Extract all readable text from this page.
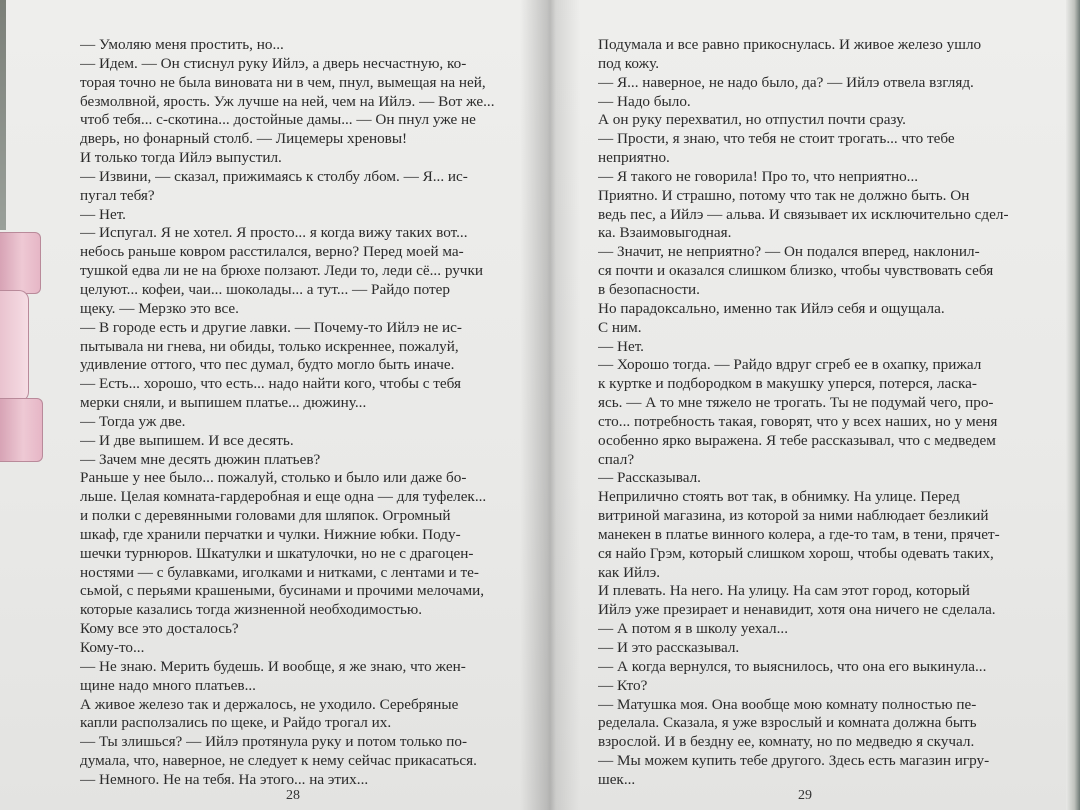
— Умоляю меня простить, но...
— Идем. — Он стиснул руку Ийлэ, а дверь несчастную, ко-
торая точно не была виновата ни в чем, пнул, вымещая на ней,
безмолвной, ярость. Уж лучше на ней, чем на Ийлэ. — Вот же...
чтоб тебя... с-скотина... достойные дамы... — Он пнул уже не
дверь, но фонарный столб. — Лицемеры хреновы!
И только тогда Ийлэ выпустил.
— Извини, — сказал, прижимаясь к столбу лбом. — Я... ис-
пугал тебя?
— Нет.
— Испугал. Я не хотел. Я просто... я когда вижу таких вот...
небось раньше ковром расстилался, верно? Перед моей ма-
тушкой едва ли не на брюхе ползают. Леди то, леди сё... ручки
целуют... кофеи, чаи... шоколады... а тут... — Райдо потер
щеку. — Мерзко это все.
— В городе есть и другие лавки. — Почему-то Ийлэ не ис-
пытывала ни гнева, ни обиды, только искреннее, пожалуй,
удивление оттого, что пес думал, будто могло быть иначе.
— Есть... хорошо, что есть... надо найти кого, чтобы с тебя
мерки сняли, и выпишем платье... дюжину...
— Тогда уж две.
— И две выпишем. И все десять.
— Зачем мне десять дюжин платьев?
Раньше у нее было... пожалуй, столько и было или даже бо-
льше. Целая комната-гардеробная и еще одна — для туфелек...
и полки с деревянными головами для шляпок. Огромный
шкаф, где хранили перчатки и чулки. Нижние юбки. Поду-
шечки турнюров. Шкатулки и шкатулочки, но не с драгоцен-
ностями — с булавками, иголками и нитками, с лентами и те-
сьмой, с перьями крашеными, бусинами и прочими мелочами,
которые казались тогда жизненной необходимостью.
Кому все это досталось?
Кому-то...
— Не знаю. Мерить будешь. И вообще, я же знаю, что жен-
щине надо много платьев...
А живое железо так и держалось, не уходило. Серебряные
капли расползались по щеке, и Райдо трогал их.
— Ты злишься? — Ийлэ протянула руку и потом только по-
думала, что, наверное, не следует к нему сейчас прикасаться.
— Немного. Не на тебя. На этого... на этих...
28
Подумала и все равно прикоснулась. И живое железо ушло
под кожу.
— Я... наверное, не надо было, да? — Ийлэ отвела взгляд.
— Надо было.
А он руку перехватил, но отпустил почти сразу.
— Прости, я знаю, что тебя не стоит трогать... что тебе
неприятно.
— Я такого не говорила! Про то, что неприятно...
Приятно. И страшно, потому что так не должно быть. Он
ведь пес, а Ийлэ — альва. И связывает их исключительно сдел-
ка. Взаимовыгодная.
— Значит, не неприятно? — Он подался вперед, наклонил-
ся почти и оказался слишком близко, чтобы чувствовать себя
в безопасности.
Но парадоксально, именно так Ийлэ себя и ощущала.
С ним.
— Нет.
— Хорошо тогда. — Райдо вдруг сгреб ее в охапку, прижал
к куртке и подбородком в макушку уперся, потерся, ласка-
ясь. — А то мне тяжело не трогать. Ты не подумай чего, про-
сто... потребность такая, говорят, что у всех наших, но у меня
особенно ярко выражена. Я тебе рассказывал, что с медведем
спал?
— Рассказывал.
Неприлично стоять вот так, в обнимку. На улице. Перед
витриной магазина, из которой за ними наблюдает безликий
манекен в платье винного колера, а где-то там, в тени, прячет-
ся найо Грэм, который слишком хорош, чтобы одевать таких,
как Ийлэ.
И плевать. На него. На улицу. На сам этот город, который
Ийлэ уже презирает и ненавидит, хотя она ничего не сделала.
— А потом я в школу уехал...
— И это рассказывал.
— А когда вернулся, то выяснилось, что она его выкинула...
— Кто?
— Матушка моя. Она вообще мою комнату полностью пе-
ределала. Сказала, я уже взрослый и комната должна быть
взрослой. И в бездну ее, комнату, но по медведю я скучал.
— Мы можем купить тебе другого. Здесь есть магазин игру-
шек...
29
